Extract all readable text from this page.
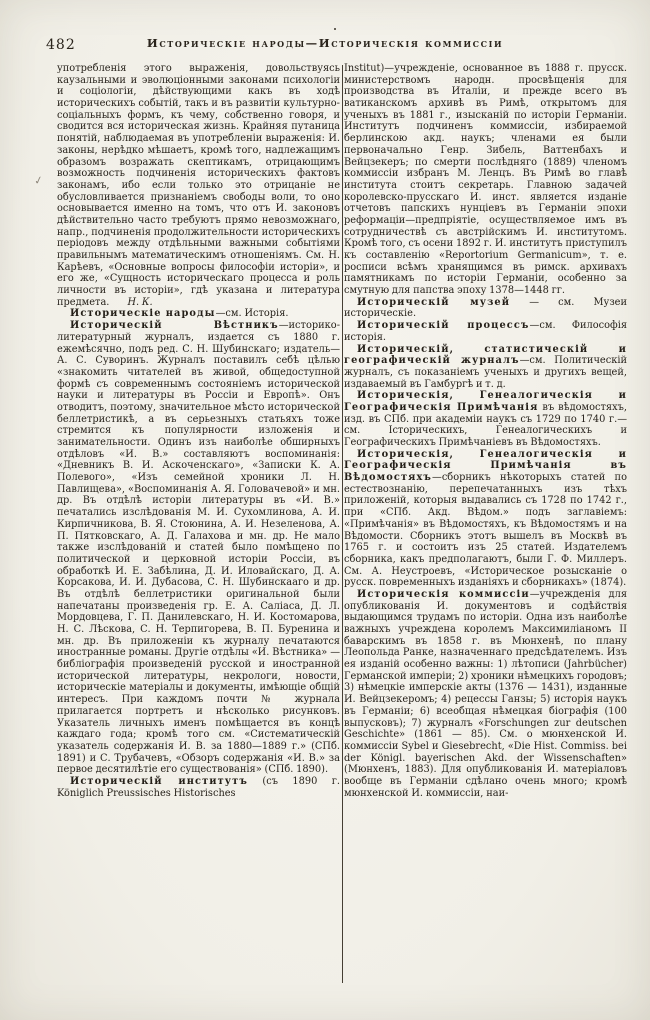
482	Историческіе народы—Историческія коммиссіи
✓

употребленія этого выраженія, довольствуясь каузальными и эволюціонными законами психологіи и соціологіи, дѣйствующими какъ въ ходѣ историческихъ событій, такъ и въ развитіи культурно-соціальныхъ формъ, къ чему, собственно говоря, и сводится вся историческая жизнь. Крайняя путаница понятій, наблюдаемая въ употребленіи выраженія: И. законы, нерѣдко мѣшаетъ, кромѣ того, надлежащимъ образомъ возражать скептикамъ, отрицающимъ возможность подчиненія историческихъ фактовъ законамъ, ибо если только это отрицаніе не обусловливается признаніемъ свободы воли, то оно основывается именно на томъ, что отъ И. законовъ дѣйствительно часто требуютъ прямо невозможнаго, напр., подчиненія продолжительности историческихъ періодовъ между отдѣльными важными событіями правильнымъ математическимъ отношеніямъ. См. Н. Карѣевъ, «Основные вопросы философіи исторіи», и его же, «Сущность историческаго процесса и роль личности въ исторіи», гдѣ указана и литература предмета. Н. К.

Историческіе народы—см. Исторія.

Историческій Вѣстникъ—историко-литературный журналъ, издается съ 1880 г. ежемѣсячно, подъ ред. С. Н. Шубинскаго; издатель—А. С. Суворинъ. Журналъ поставилъ себѣ цѣлью «знакомить читателей въ живой, общедоступной формѣ съ современнымъ состояніемъ исторической науки и литературы въ Россіи и Европѣ». Онъ отводитъ, поэтому, значительное мѣсто исторической беллетристикѣ, а въ серьезныхъ статьяхъ тоже стремится къ популярности изложенія и занимательности. Одинъ изъ наиболѣе обширныхъ отдѣловъ «И. В.» составляютъ воспоминанія: «Дневникъ В. И. Аскоченскаго», «Записки К. А. Полевого», «Изъ семейной хроники Л. Н. Павлищева», «Воспоминанія А. Я. Головачевой» и мн. др. Въ отдѣлѣ исторіи литературы въ «И. В.» печатались изслѣдованія М. И. Сухомлинова, А. И. Кирпичникова, В. Я. Стоюнина, А. И. Незеленова, А. П. Пятковскаго, А. Д. Галахова и мн. др. Не мало также изслѣдованій и статей было помѣщено по политической и церковной исторіи Россіи, въ обработкѣ И. Е. Забѣлина, Д. И. Иловайскаго, Д. А. Корсакова, И. И. Дубасова, С. Н. Шубинскааго и др. Въ отдѣлѣ беллетристики оригинальной были напечатаны произведенія гр. Е. А. Саліаса, Д. Л. Мордовцева, Г. П. Данилевскаго, Н. И. Костомарова, Н. С. Лѣскова, С. Н. Терпигорева, В. П. Буренина и мн. др. Въ приложеніи къ журналу печатаются иностранные романы. Другіе отдѣлы «И. Вѣстника» — библіографія произведеній русской и иностранной исторической литературы, некрологи, новости, историческіе матеріалы и документы, имѣющіе общій интересъ. При каждомъ почти № журнала прилагается портретъ и нѣсколько рисунковъ. Указатель личныхъ именъ помѣщается въ концѣ каждаго года; кромѣ того см. «Систематическій указатель содержанія И. В. за 1880—1889 г.» (СПб. 1891) и С. Трубачевъ, «Обзоръ содержанія «И. В.» за первое десятилѣтіе его существованія» (СПб. 1890).

Историческій институтъ (съ 1890 г. Königlich Preussisches Historisches

Institut)—учрежденіе, основанное въ 1888 г. прусск. министерствомъ народн. просвѣщенія для производства въ Италіи, и прежде всего въ ватиканскомъ архивѣ въ Римѣ, открытомъ для ученыхъ въ 1881 г., изысканій по исторіи Германіи. Институтъ подчиненъ коммиссіи, избираемой берлинскою акд. наукъ; членами ея были первоначально Генр. Зибель, Ваттенбахъ и Вейцзекеръ; по смерти послѣдняго (1889) членомъ коммиссіи избранъ М. Ленцъ. Въ Римѣ во главѣ института стоитъ секретарь. Главною задачей королевско-прусскаго И. инст. является изданіе отчетовъ папскихъ нунціевъ въ Германіи эпохи реформаціи—предпріятіе, осуществляемое имъ въ сотрудничествѣ съ австрійскимъ И. институтомъ. Кромѣ того, съ осени 1892 г. И. институтъ приступилъ къ составленію «Reportorium Germanicum», т. е. росписи всѣмъ хранящимся въ римск. архивахъ памятникамъ по исторіи Германіи, особенно за смутную для папства эпоху 1378—1448 гг.

Историческій музей — см. Музеи историческіе.

Историческій процессъ—см. Философія исторія.

Историческій, статистическій и географическій журналъ—см. Политическій журналъ, съ показаніемъ ученыхъ и другихъ вещей, издаваемый въ Гамбургѣ и т. д.

Историческія, Генеалогическія и Географическія Примѣчанія въ вѣдомостяхъ, изд. въ СПб. при академіи наукъ съ 1729 по 1740 г.—см. Історическихъ, Генеалогическихъ и Географическихъ Примѣчаніевъ въ Вѣдомостяхъ.

Историческія, Генеалогическія и Географическія Примѣчанія въ Вѣдомостяхъ—сборникъ нѣкоторыхъ статей по естествознанію, перепечатанныхъ изъ тѣхъ приложеній, которыя выдавались съ 1728 по 1742 г., при «СПб. Акд. Вѣдом.» подъ заглавіемъ: «Примѣчанія» въ Вѣдомостяхъ, къ Вѣдомостямъ и на Вѣдомости. Сборникъ этотъ вышелъ въ Москвѣ въ 1765 г. и состоитъ изъ 25 статей. Издателемъ сборника, какъ предполагаютъ, были Г. Ф. Миллеръ. См. А. Неустроевъ, «Историческое розысканіе о русск. повременныхъ изданіяхъ и сборникахъ» (1874).

Историческія коммиссіи—учрежденія для опубликованія И. документовъ и содѣйствія выдающимся трудамъ по исторіи. Одна изъ наиболѣе важныхъ учреждена королемъ Максимиліаномъ II баварскимъ въ 1858 г. въ Мюнхенѣ, по плану Леопольда Ранке, назначеннаго предсѣдателемъ. Изъ ея изданій особенно важны: 1) лѣтописи (Jahrbücher) Германской имперіи; 2) хроники нѣмецкихъ городовъ; 3) нѣмецкіе имперскіе акты (1376 — 1431), изданные И. Вейцзекеромъ; 4) рецессы Ганзы; 5) исторія наукъ въ Германіи; 6) всеобщая нѣмецкая біографія (100 выпусковъ); 7) журналъ «Forschungen zur deutschen Geschichte» (1861 — 85). См. о мюнхенской И. коммиссіи Sybel и Giesebrecht, «Die Hist. Commiss. bei der Königl. bayerischen Akd. der Wissenschaften» (Мюнхенъ, 1883). Для опубликованія И. матеріаловъ вообще въ Германіи сдѣлано очень много; кромѣ мюнхенской И. коммиссіи, наи-
